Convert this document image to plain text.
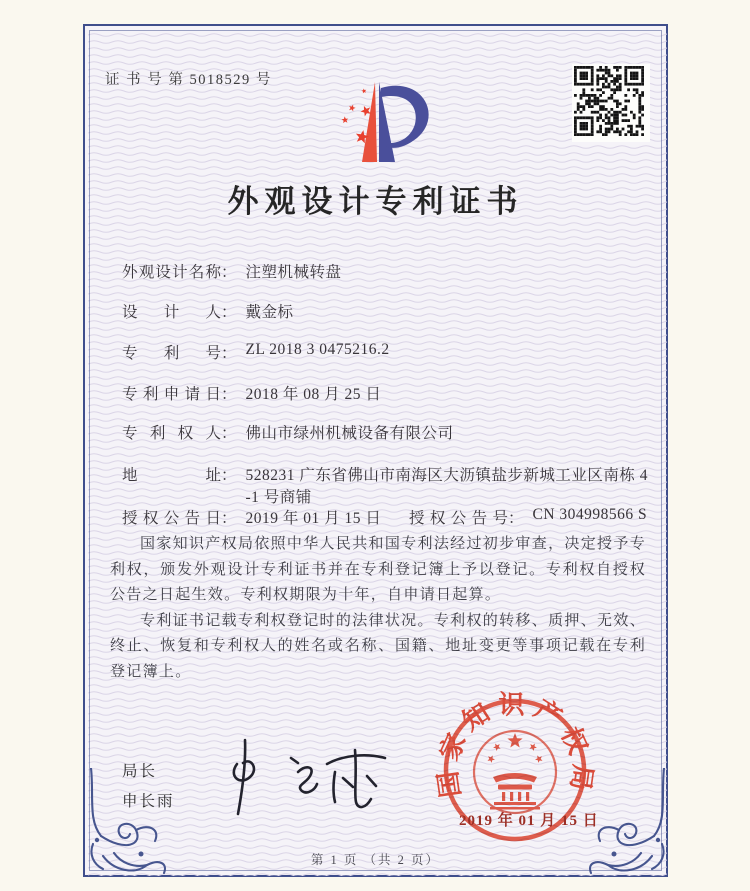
证 书 号 第 5018529 号
外观设计专利证书
外观设计名称： 注塑机械转盘
设计人： 戴金标
专利号： ZL 2018 3 0475216.2
专利申请日： 2018 年 08 月 25 日
专利权人： 佛山市绿州机械设备有限公司
地址： 528231 广东省佛山市南海区大沥镇盐步新城工业区南栋 4
-1 号商铺
授权公告日： 2019 年 01 月 15 日 授权公告号： CN 304998566 S

国家知识产权局依照中华人民共和国专利法经过初步审查，决定授予专利权，颁发外观设计专利证书并在专利登记簿上予以登记。专利权自授权公告之日起生效。专利权期限为十年，自申请日起算。

专利证书记载专利权登记时的法律状况。专利权的转移、质押、无效、终止、恢复和专利权人的姓名或名称、国籍、地址变更等事项记载在专利登记簿上。

局长
申长雨
国家知识产权局
2019 年 01 月 15 日
第 1 页 （共 2 页）
